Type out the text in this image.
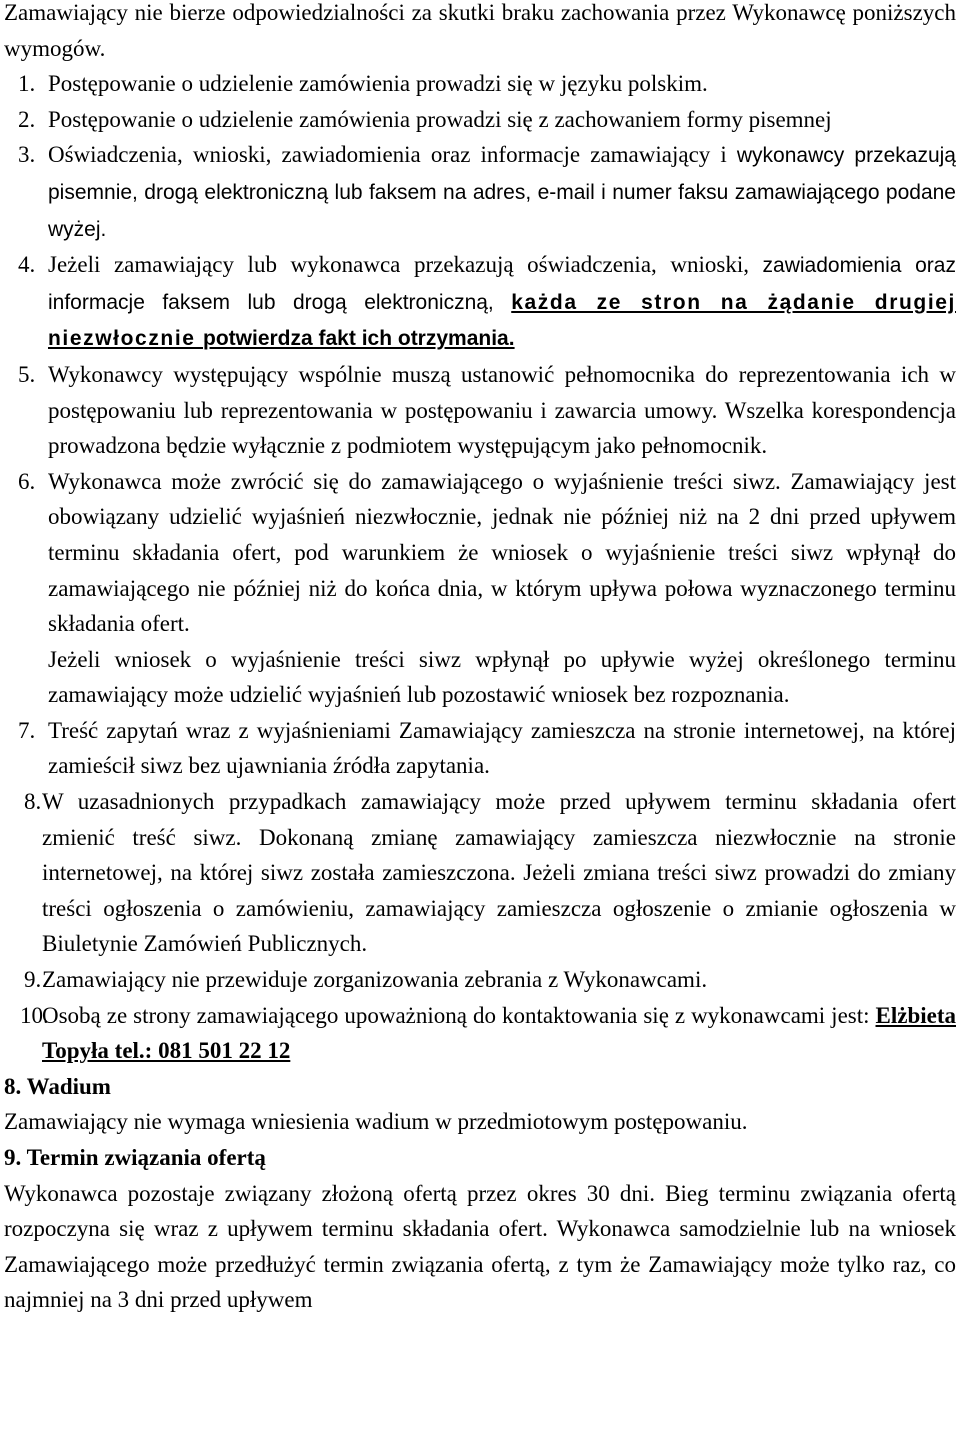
Zamawiający nie bierze odpowiedzialności za skutki braku zachowania przez Wykonawcę poniższych wymogów.

1. Postępowanie o udzielenie zamówienia prowadzi się w języku polskim.
2. Postępowanie o udzielenie zamówienia prowadzi się z zachowaniem formy pisemnej
3. Oświadczenia, wnioski, zawiadomienia oraz informacje zamawiający i wykonawcy przekazują pisemnie, drogą elektroniczną lub faksem na adres, e-mail i numer faksu zamawiającego podane wyżej.
4. Jeżeli zamawiający lub wykonawca przekazują oświadczenia, wnioski, zawiadomienia oraz informacje faksem lub drogą elektroniczną, każda ze stron na żądanie drugiej niezwłocznie potwierdza fakt ich otrzymania.
5. Wykonawcy występujący wspólnie muszą ustanowić pełnomocnika do reprezentowania ich w postępowaniu lub reprezentowania w postępowaniu i zawarcia umowy. Wszelka korespondencja prowadzona będzie wyłącznie z podmiotem występującym jako pełnomocnik.
6. Wykonawca może zwrócić się do zamawiającego o wyjaśnienie treści siwz. Zamawiający jest obowiązany udzielić wyjaśnień niezwłocznie, jednak nie później niż na 2 dni przed upływem terminu składania ofert, pod warunkiem że wniosek o wyjaśnienie treści siwz wpłynął do zamawiającego nie później niż do końca dnia, w którym upływa połowa wyznaczonego terminu składania ofert.

Jeżeli wniosek o wyjaśnienie treści siwz wpłynął po upływie wyżej określonego terminu zamawiający może udzielić wyjaśnień lub pozostawić wniosek bez rozpoznania.

7. Treść zapytań wraz z wyjaśnieniami Zamawiający zamieszcza na stronie internetowej, na której zamieścił siwz bez ujawniania źródła zapytania.
8. W uzasadnionych przypadkach zamawiający może przed upływem terminu składania ofert zmienić treść siwz. Dokonaną zmianę zamawiający zamieszcza niezwłocznie na stronie internetowej, na której siwz została zamieszczona. Jeżeli zmiana treści siwz prowadzi do zmiany treści ogłoszenia o zamówieniu, zamawiający zamieszcza ogłoszenie o zmianie ogłoszenia w Biuletynie Zamówień Publicznych.
9. Zamawiający nie przewiduje zorganizowania zebrania z Wykonawcami.
10.
Osobą ze strony zamawiającego upoważnioną do kontaktowania się z wykonawcami jest: Elżbieta Topyła tel.: 081 501 22 12

8. Wadium

Zamawiający nie wymaga wniesienia wadium w przedmiotowym postępowaniu.

9. Termin związania ofertą

Wykonawca pozostaje związany złożoną ofertą przez okres 30 dni. Bieg terminu związania ofertą rozpoczyna się wraz z upływem terminu składania ofert. Wykonawca samodzielnie lub na wniosek Zamawiającego może przedłużyć termin związania ofertą, z tym że Zamawiający może tylko raz, co najmniej na 3 dni przed upływem
